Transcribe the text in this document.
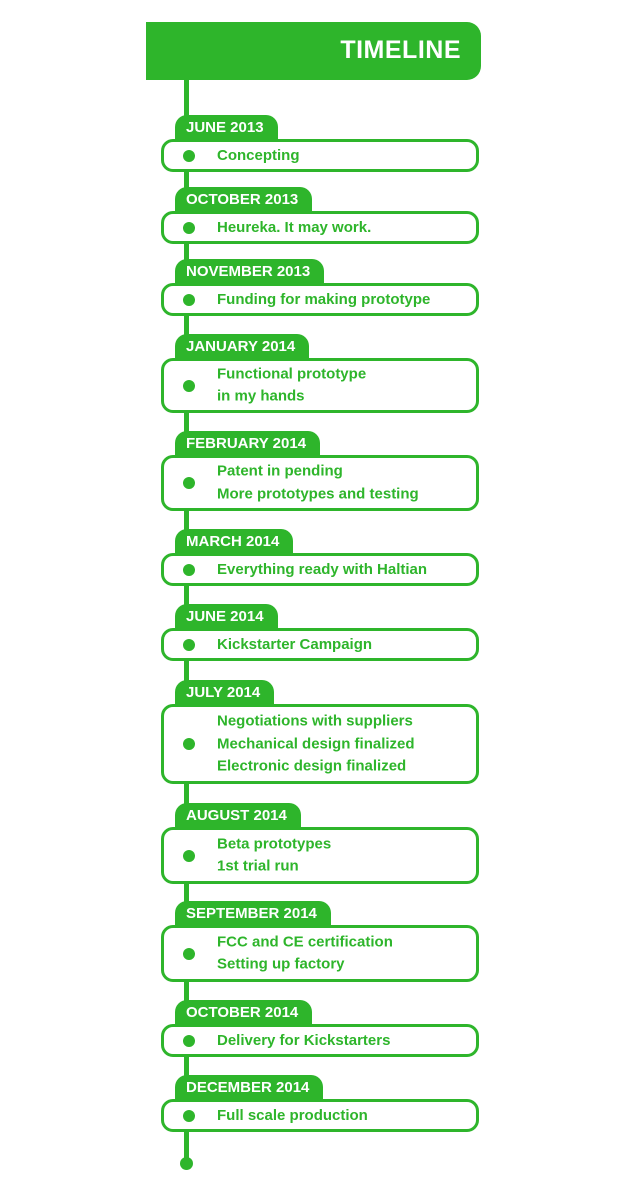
TIMELINE
JUNE 2013
Concepting
OCTOBER 2013
Heureka. It may work.
NOVEMBER 2013
Funding for making prototype
JANUARY 2014
Functional prototype
in my hands
FEBRUARY 2014
Patent in pending
More prototypes and testing
MARCH 2014
Everything ready with Haltian
JUNE 2014
Kickstarter Campaign
JULY 2014
Negotiations with suppliers
Mechanical design finalized
Electronic design finalized
AUGUST 2014
Beta prototypes
1st trial run
SEPTEMBER 2014
FCC and CE certification
Setting up factory
OCTOBER 2014
Delivery for Kickstarters
DECEMBER 2014
Full scale production
